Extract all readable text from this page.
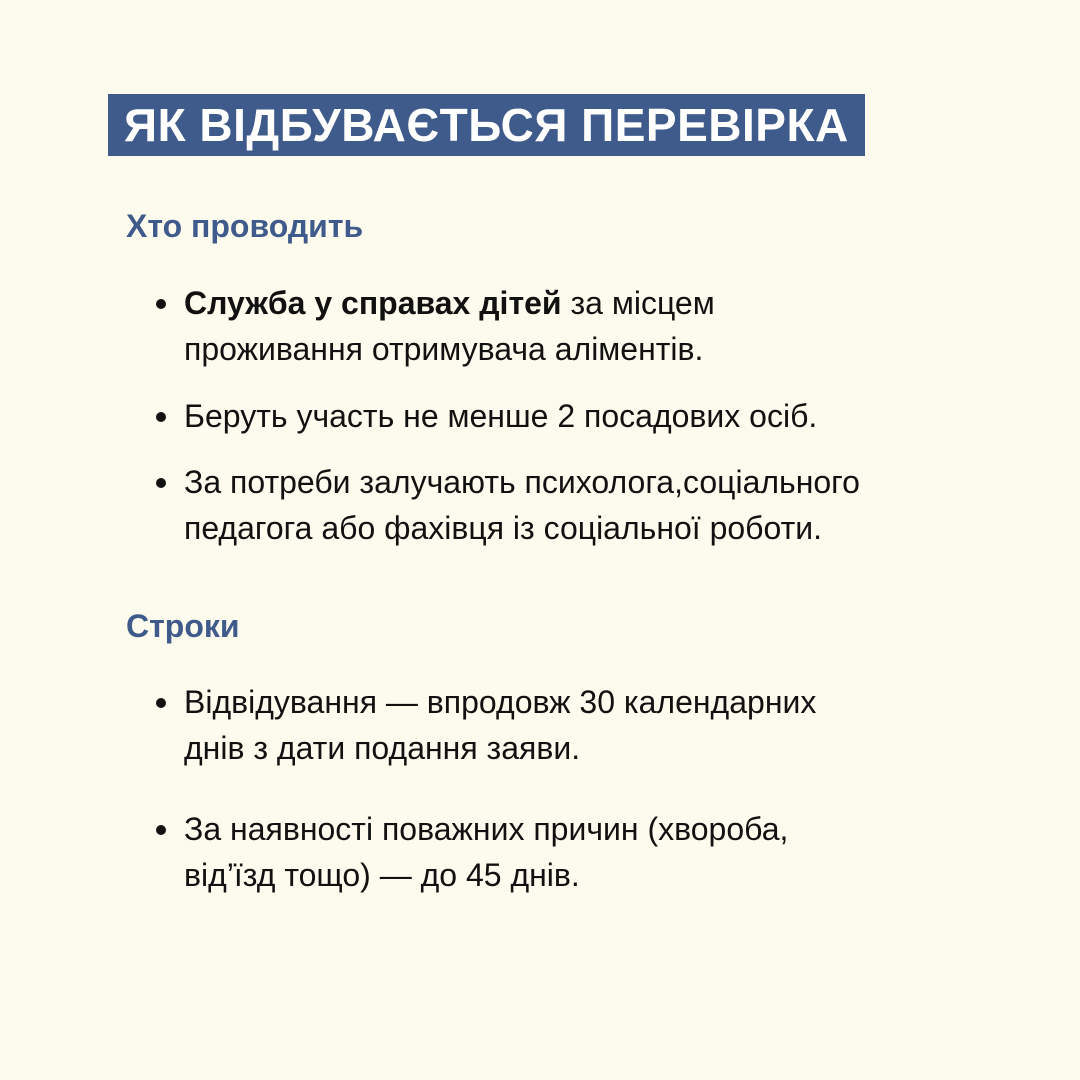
ЯК ВІДБУВАЄТЬСЯ ПЕРЕВІРКА
Хто проводить
Служба у справах дітей за місцем
проживання отримувача аліментів.
Беруть участь не менше 2 посадових осіб.
За потреби залучають психолога,соціального
педагога або фахівця із соціальної роботи.
Строки
Відвідування — впродовж 30 календарних
днів з дати подання заяви.
За наявності поважних причин (хвороба,
від’їзд тощо) — до 45 днів.
